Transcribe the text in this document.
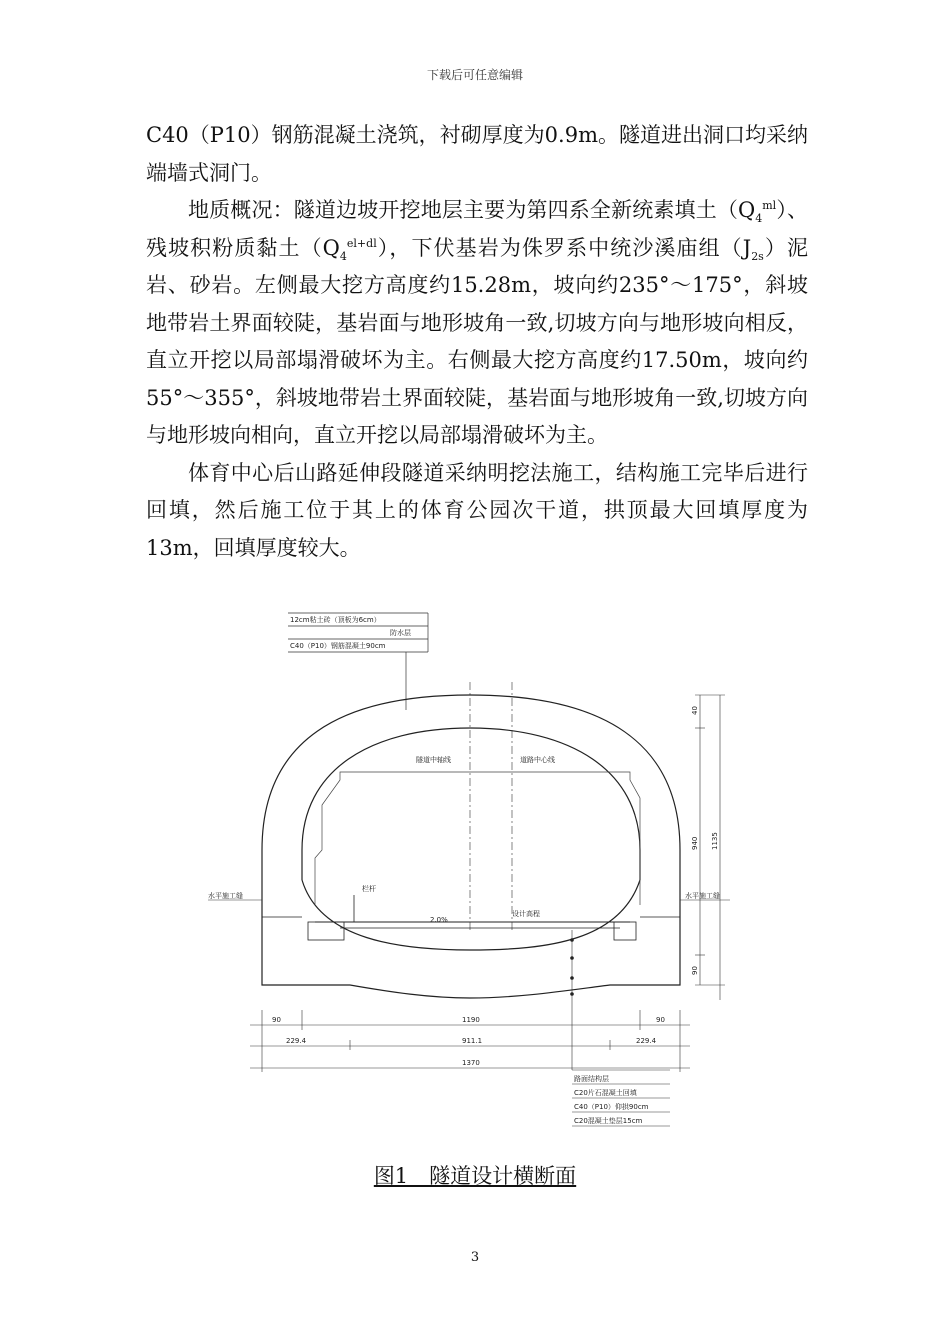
下载后可任意编辑

C40（P10）钢筋混凝土浇筑，衬砌厚度为0.9m。隧道进出洞口均采纳端墙式洞门。

地质概况：隧道边坡开挖地层主要为第四系全新统素填土$(Q_4^{ml})$、残坡积粉质黏土$(Q_4^{el+dl})$，下伏基岩为侏罗系中统沙溪庙组$(J_{2s})$泥岩、砂岩。左侧最大挖方高度约15.28m，坡向约235°～175°，斜坡地带岩土界面较陡，基岩面与地形坡角一致,切坡方向与地形坡向相反，直立开挖以局部塌滑破坏为主。右侧最大挖方高度约17.50m，坡向约55°～355°，斜坡地带岩土界面较陡，基岩面与地形坡角一致,切坡方向与地形坡向相向，直立开挖以局部塌滑破坏为主。

体育中心后山路延伸段隧道采纳明挖法施工，结构施工完毕后进行回填，然后施工位于其上的体育公园次干道，拱顶最大回填厚度为13m，回填厚度较大。

12cm粘土砖（顶板为6cm）
防水层
C40（P10）钢筋混凝土90cm
栏杆
隧道中轴线	道路中心线
2.0%
设计高程
水平施工缝	水平施工缝
40
940 1135
90
90	1190	90
229.4	911.1	229.4
1370
路面结构层
C20片石混凝土回填
C40（P10）仰拱90cm
C20混凝土垫层15cm
图1　隧道设计横断面
3
